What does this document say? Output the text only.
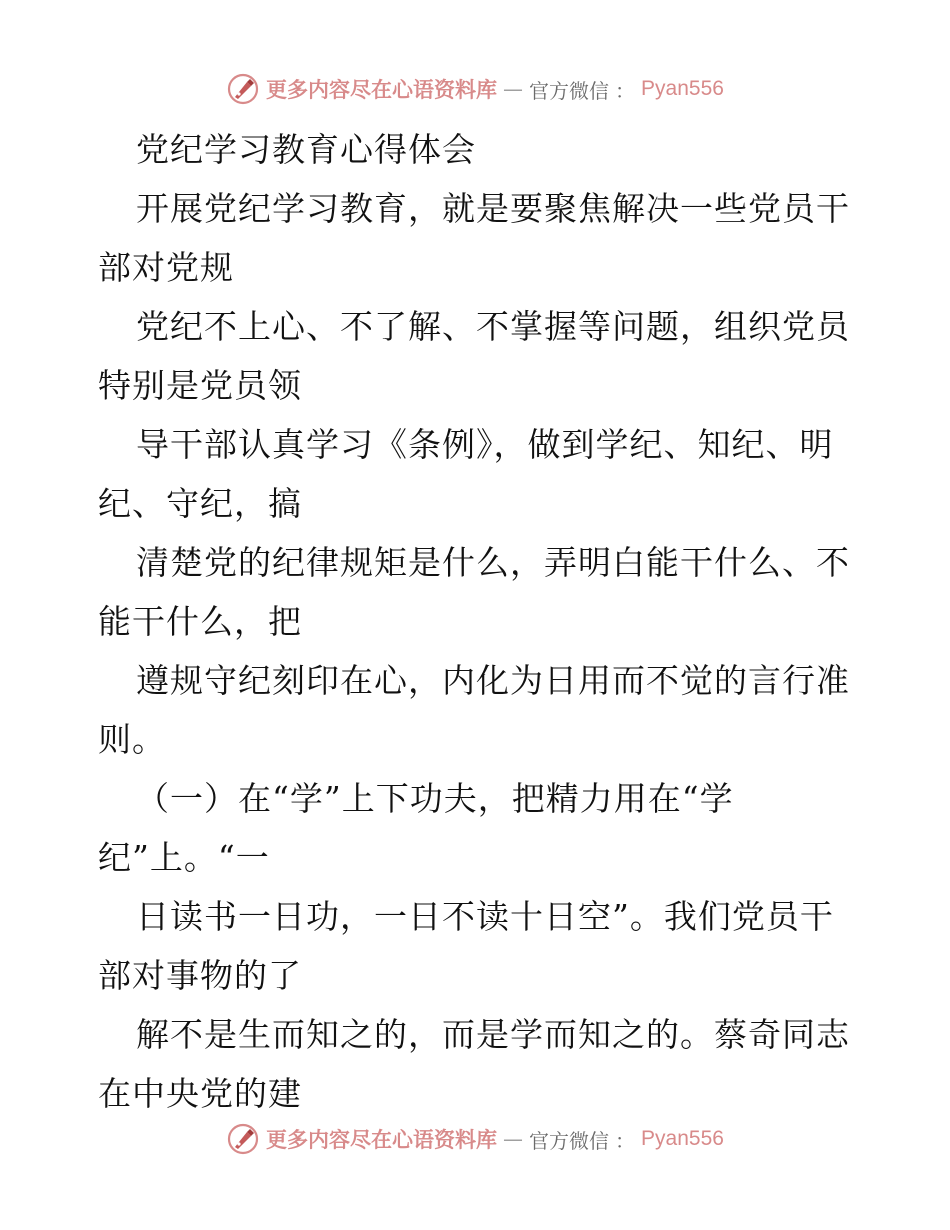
更多内容尽在心语资料库 — 官方微信 ： Pyan556
党纪学习教育心得体会
开展党纪学习教育，就是要聚焦解决一些党员干
部对党规
党纪不上心、不了解、不掌握等问题，组织党员
特别是党员领
导干部认真学习《条例》，做到学纪、知纪、明
纪、守纪，搞
清楚党的纪律规矩是什么，弄明白能干什么、不
能干什么，把
遵规守纪刻印在心，内化为日用而不觉的言行准
则。
（一）在“学”上下功夫，把精力用在“学
纪”上。“一
日读书一日功，一日不读十日空”。我们党员干
部对事物的了
解不是生而知之的，而是学而知之的。蔡奇同志
在中央党的建
更多内容尽在心语资料库 — 官方微信 ： Pyan556
